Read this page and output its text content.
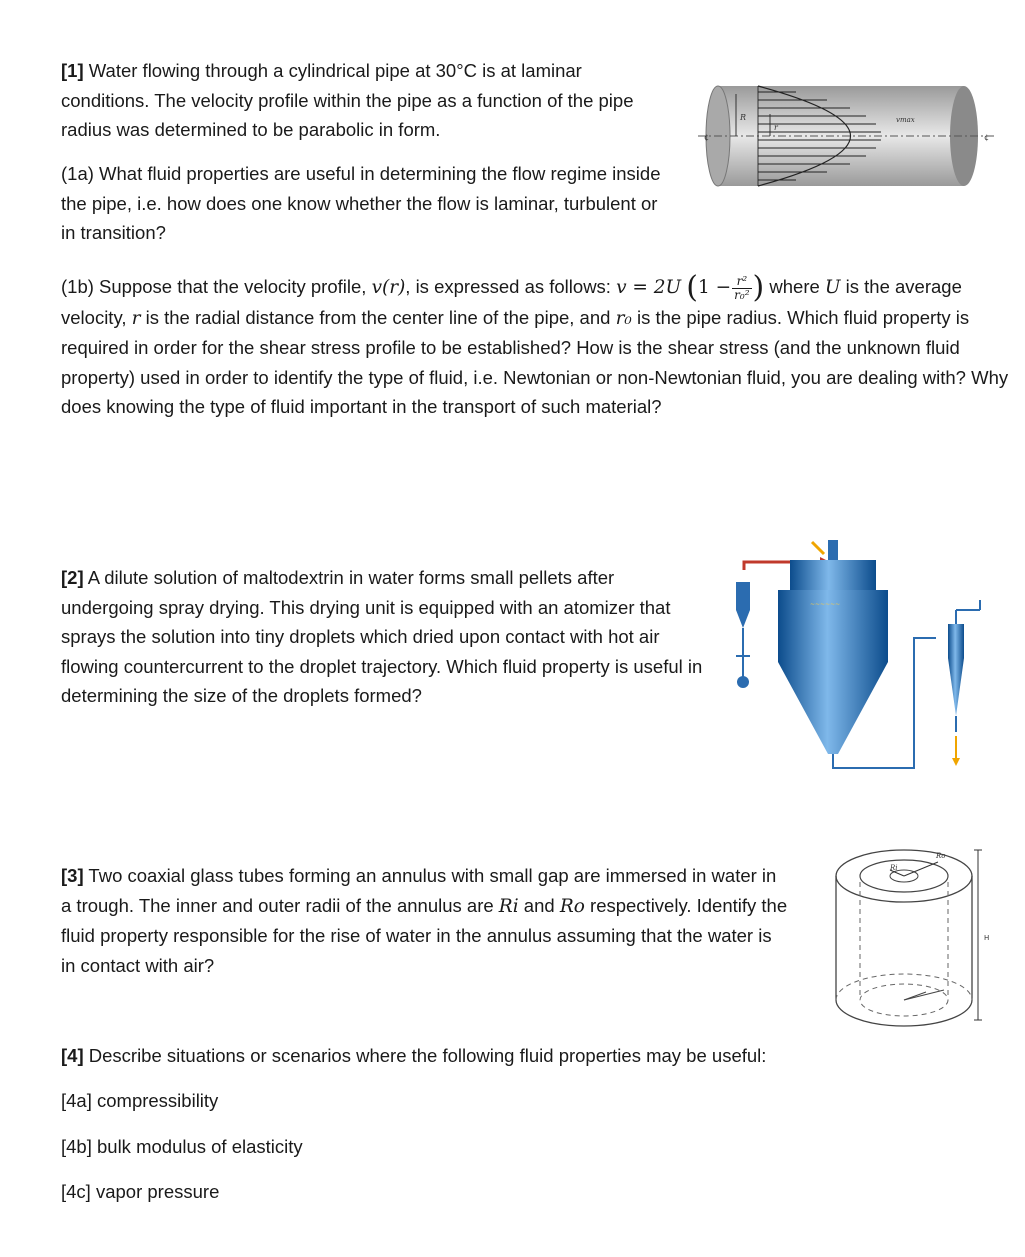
[1] Water flowing through a cylindrical pipe at 30°C is at laminar conditions. The velocity profile within the pipe as a function of the pipe radius was determined to be parabolic in form.

(1a) What fluid properties are useful in determining the flow regime inside the pipe, i.e. how does one know whether the flow is laminar, turbulent or in transition?

R
r
vmax
¢	¢

(1b) Suppose that the velocity profile, v(r), is expressed as follows: v = 2U ($1 - \frac{\text{r²}}{\text{r₀²}}$ ) where U is the average velocity, r is the radial distance from the center line of the pipe, and r₀ is the pipe radius. Which fluid property is required in order for the shear stress profile to be established? How is the shear stress (and the unknown fluid property) used in order to identify the type of fluid, i.e. Newtonian or non-Newtonian fluid, you are dealing with? Why does knowing the type of fluid important in the transport of such material?

[2] A dilute solution of maltodextrin in water forms small pellets after undergoing spray drying. This drying unit is equipped with an atomizer that sprays the solution into tiny droplets which dried upon contact with hot air flowing countercurrent to the droplet trajectory. Which fluid property is useful in determining the size of the droplets formed?

~~~~~~

[3] Two coaxial glass tubes forming an annulus with small gap are immersed in water in a trough. The inner and outer radii of the annulus are Ri and Ro respectively. Identify the fluid property responsible for the rise of water in the annulus assuming that the water is in contact with air?

Ri
Ro
H

[4] Describe situations or scenarios where the following fluid properties may be useful:

[4a] compressibility

[4b] bulk modulus of elasticity

[4c] vapor pressure
